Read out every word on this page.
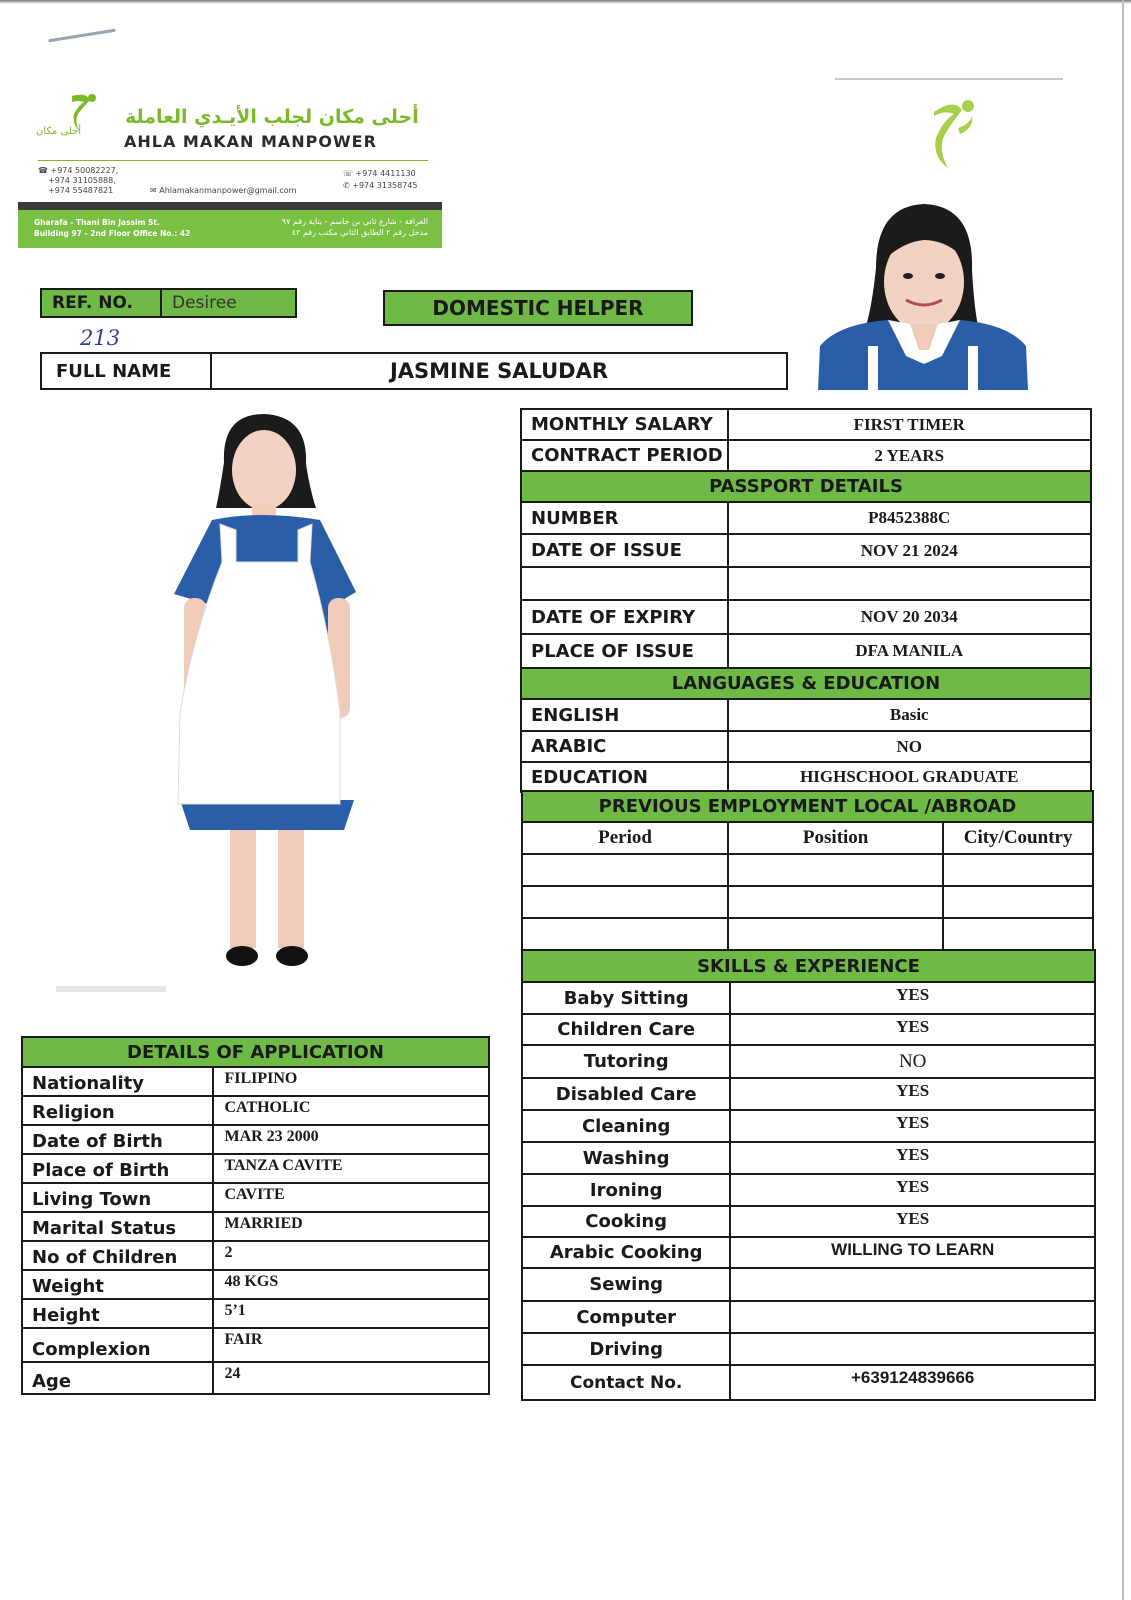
أحلى مكان
أحلى مكان لجلب الأيـدي العاملة
AHLA MAKAN MANPOWER
☎ +974 50082227,
+974 31105888,
+974 55487821
☏ +974 4411130
✆ +974 31358745
✉ Ahlamakanmanpower@gmail.com
Gharafa - Thani Bin Jassim St.
Building 97 - 2nd Floor Office No.: 42
الغرافة - شارع ثاني بن جاسم - بناية رقم ٩٧
مدخل رقم ٢ الطابق الثاني مكتب رقم ٤٢
REF. NO.	Desiree
213
DOMESTIC HELPER
FULL NAME	JASMINE SALUDAR
MONTHLY SALARY	FIRST TIMER
CONTRACT PERIOD	2 YEARS
PASSPORT DETAILS	
NUMBER	P8452388C
DATE OF ISSUE	NOV 21 2024

DATE OF EXPIRY	NOV 20 2034
PLACE OF ISSUE	DFA MANILA
LANGUAGES & EDUCATION	
ENGLISH	Basic
ARABIC	NO
EDUCATION	HIGHSCHOOL GRADUATE
PREVIOUS EMPLOYMENT LOCAL /ABROAD		
Period	Position	City/Country

SKILLS & EXPERIENCE	
Baby Sitting	YES
Children Care	YES
Tutoring	NO
Disabled Care	YES
Cleaning	YES
Washing	YES
Ironing	YES
Cooking	YES
Arabic Cooking	WILLING TO LEARN
Sewing	
Computer	
Driving	
Contact No.	+639124839666
DETAILS OF APPLICATION	
Nationality	FILIPINO
Religion	CATHOLIC
Date of Birth	MAR 23 2000
Place of Birth	TANZA CAVITE
Living Town	CAVITE
Marital Status	MARRIED
No of Children	2
Weight	48 KGS
Height	5’1
Complexion	FAIR
Age	24
